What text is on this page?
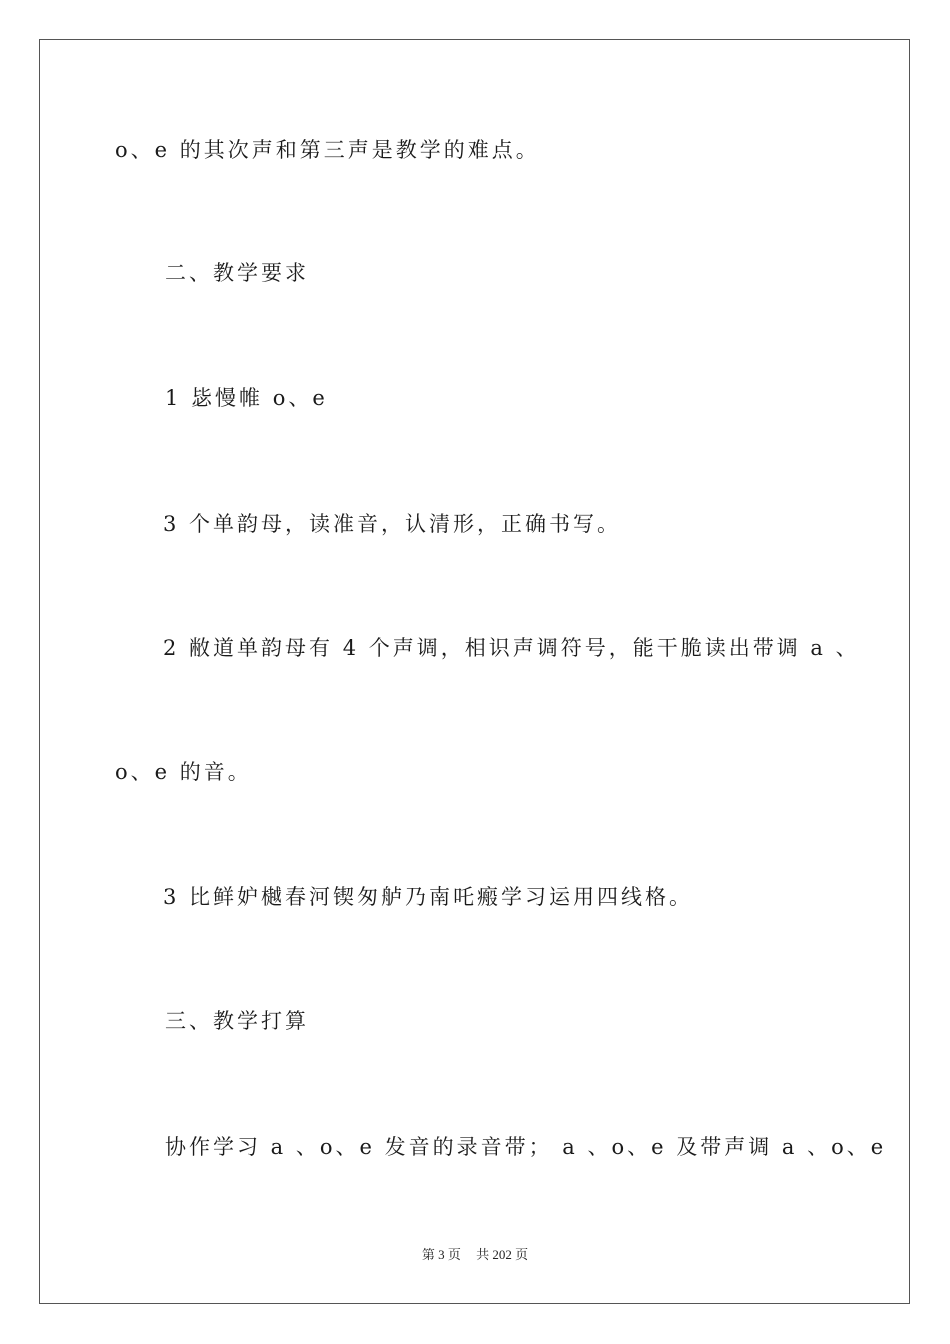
o、e 的其次声和第三声是教学的难点。
二、教学要求
1 毖慢帷 o、e
3 个单韵母，读准音，认清形，正确书写。
2 敝道单韵母有 4 个声调，相识声调符号，能干脆读出带调 a 、
o、e 的音。
3 比鲜妒樾春河锲匆舻乃南吒瘢学习运用四线格。
三、教学打算
协作学习 a 、o、e 发音的录音带； a 、o、e 及带声调 a 、o、e
第 3 页 共 202 页
